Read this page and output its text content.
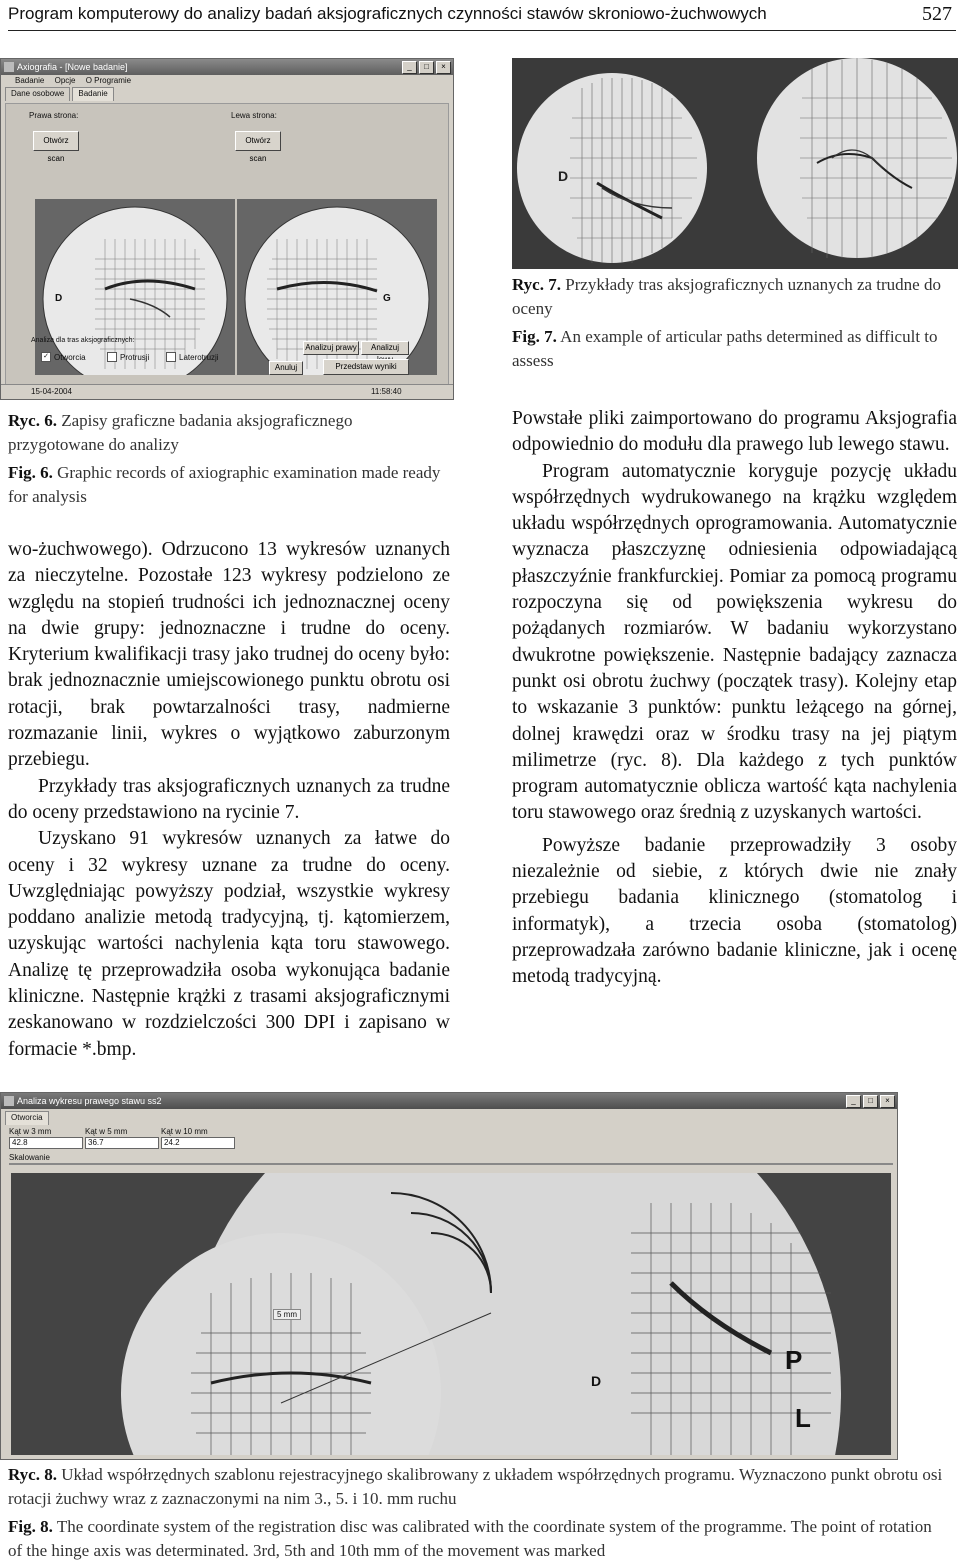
Program komputerowy do analizy badań aksjograficznych czynności stawów skroniowo-żuchwowych	527
Axiografia - [Nowe badanie]	_	□	×
Badanie Opcje O Programie
Dane osobowe	Badanie
Prawa strona:
Otwórz scan
D
Lewa strona:
Otwórz scan
G
Analiza dla tras aksjograficznych:
✓ Otworcia	Protrusji	Laterotruzji
Analizuj prawy	Analizuj
Anuluj	Przedstaw wyniki
15-04-2004	11:58:40
D
Ryc. 7. Przykłady tras aksjograficznych uznanych za trudne do oceny
Fig. 7. An example of articular paths determined as difficult to assess
Ryc. 6. Zapisy graficzne badania aksjograficznego przygotowane do analizy
Fig. 6. Graphic records of axiographic examination made ready for analysis

wo-żuchwowego). Odrzucono 13 wykresów uznanych za nieczytelne. Pozostałe 123 wykresy podzielono ze względu na stopień trudności ich jednoznacznej oceny na dwie grupy: jednoznaczne i trudne do oceny. Kryterium kwalifikacji trasy jako trudnej do oceny było: brak jednoznacznie umiejscowionego punktu obrotu osi rotacji, brak powtarzalności trasy, nadmierne rozmazanie linii, wykres o wyjątkowo zaburzonym przebiegu.

Przykłady tras aksjograficznych uznanych za trudne do oceny przedstawiono na rycinie 7.

Uzyskano 91 wykresów uznanych za łatwe do oceny i 32 wykresy uznane za trudne do oceny. Uwzględniając powyższy podział, wszystkie wykresy poddano analizie metodą tradycyjną, tj. kątomierzem, uzyskując wartości nachylenia kąta toru stawowego. Analizę tę przeprowadziła osoba wykonująca badanie kliniczne. Następnie krążki z trasami aksjograficznymi zeskanowano w rozdzielczości 300 DPI i zapisano w formacie *.bmp.

Powstałe pliki zaimportowano do programu Aksjografia odpowiednio do modułu dla prawego lub lewego stawu.

Program automatycznie koryguje pozycję układu współrzędnych wydrukowanego na krążku względem układu współrzędnych oprogramowania. Automatycznie wyznacza płaszczyznę odniesienia odpowiadającą płaszczyźnie frankfurckiej. Pomiar za pomocą programu rozpoczyna się od powiększenia wykresu do pożądanych rozmiarów. W badaniu wykorzystano dwukrotne powiększenie. Następnie badający zaznacza punkt osi obrotu żuchwy (początek trasy). Kolejny etap to wskazanie 3 punktów: punktu leżącego na górnej, dolnej krawędzi oraz w środku trasy na jej piątym milimetrze (ryc. 8). Dla każdego z tych punktów program automatycznie oblicza wartość kąta nachylenia toru stawowego oraz średnią z uzyskanych wartości.

Powyższe badanie przeprowadziły 3 osoby niezależnie od siebie, z których dwie nie znały przebiegu badania klinicznego (stomatolog i informatyk), a trzecia osoba (stomatolog) przeprowadzała zarówno badanie kliniczne, jak i ocenę metodą tradycyjną.

Analiza wykresu prawego stawu ss2	_	□	×
Otworcia
Kąt w 3 mm
42.8
Kąt w 5 mm
36.7
Kąt w 10 mm
24.2
Skalowanie
5 mm
D
P
L
Ryc. 8. Układ współrzędnych szablonu rejestracyjnego skalibrowany z układem współrzędnych programu. Wyznaczono punkt obrotu osi rotacji żuchwy wraz z zaznaczonymi na nim 3., 5. i 10. mm ruchu
Fig. 8. The coordinate system of the registration disc was calibrated with the coordinate system of the programme. The point of rotation of the hinge axis was determinated. 3rd, 5th and 10th mm of the movement was marked
